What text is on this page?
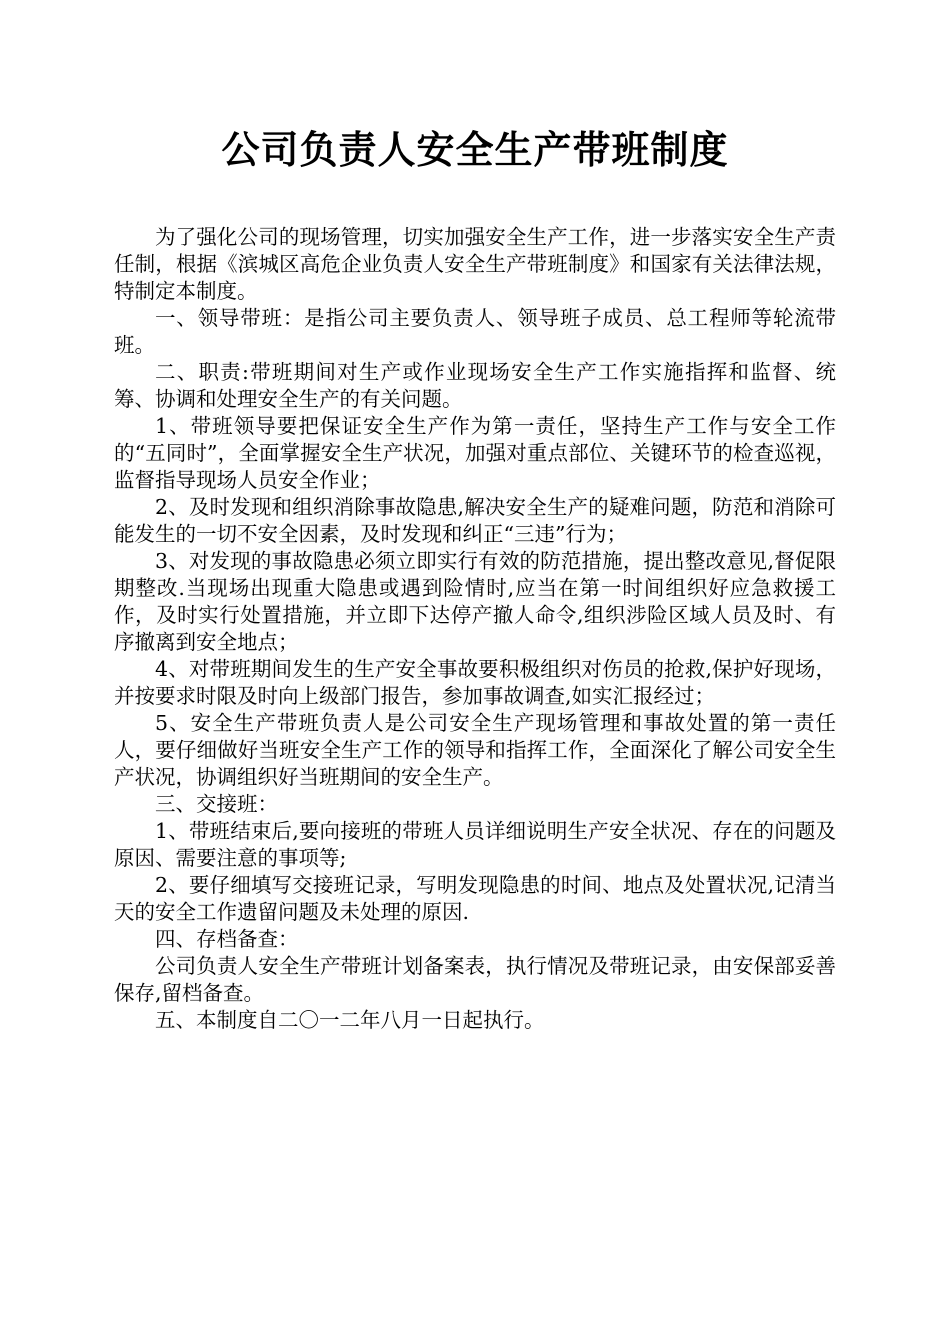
公司负责人安全生产带班制度

为了强化公司的现场管理，切实加强安全生产工作，进一步落实安全生产责任制，根据《滨城区高危企业负责人安全生产带班制度》和国家有关法律法规，特制定本制度。

一、领导带班：是指公司主要负责人、领导班子成员、总工程师等轮流带班。

二、职责:带班期间对生产或作业现场安全生产工作实施指挥和监督、统筹、协调和处理安全生产的有关问题。

1、带班领导要把保证安全生产作为第一责任，坚持生产工作与安全工作的“五同时”，全面掌握安全生产状况，加强对重点部位、关键环节的检查巡视，监督指导现场人员安全作业；

2、及时发现和组织消除事故隐患,解决安全生产的疑难问题，防范和消除可能发生的一切不安全因素，及时发现和纠正“三违”行为；

3、对发现的事故隐患必须立即实行有效的防范措施，提出整改意见,督促限期整改.当现场出现重大隐患或遇到险情时,应当在第一时间组织好应急救援工作，及时实行处置措施，并立即下达停产撤人命令,组织涉险区域人员及时、有序撤离到安全地点；

4、对带班期间发生的生产安全事故要积极组织对伤员的抢救,保护好现场，并按要求时限及时向上级部门报告，参加事故调查,如实汇报经过；

5、安全生产带班负责人是公司安全生产现场管理和事故处置的第一责任人，要仔细做好当班安全生产工作的领导和指挥工作，全面深化了解公司安全生产状况，协调组织好当班期间的安全生产。

三、交接班：

1、带班结束后,要向接班的带班人员详细说明生产安全状况、存在的问题及原因、需要注意的事项等;

2、要仔细填写交接班记录，写明发现隐患的时间、地点及处置状况,记清当天的安全工作遗留问题及未处理的原因.

四、存档备查：

公司负责人安全生产带班计划备案表，执行情况及带班记录，由安保部妥善保存,留档备查。

五、本制度自二〇一二年八月一日起执行。
